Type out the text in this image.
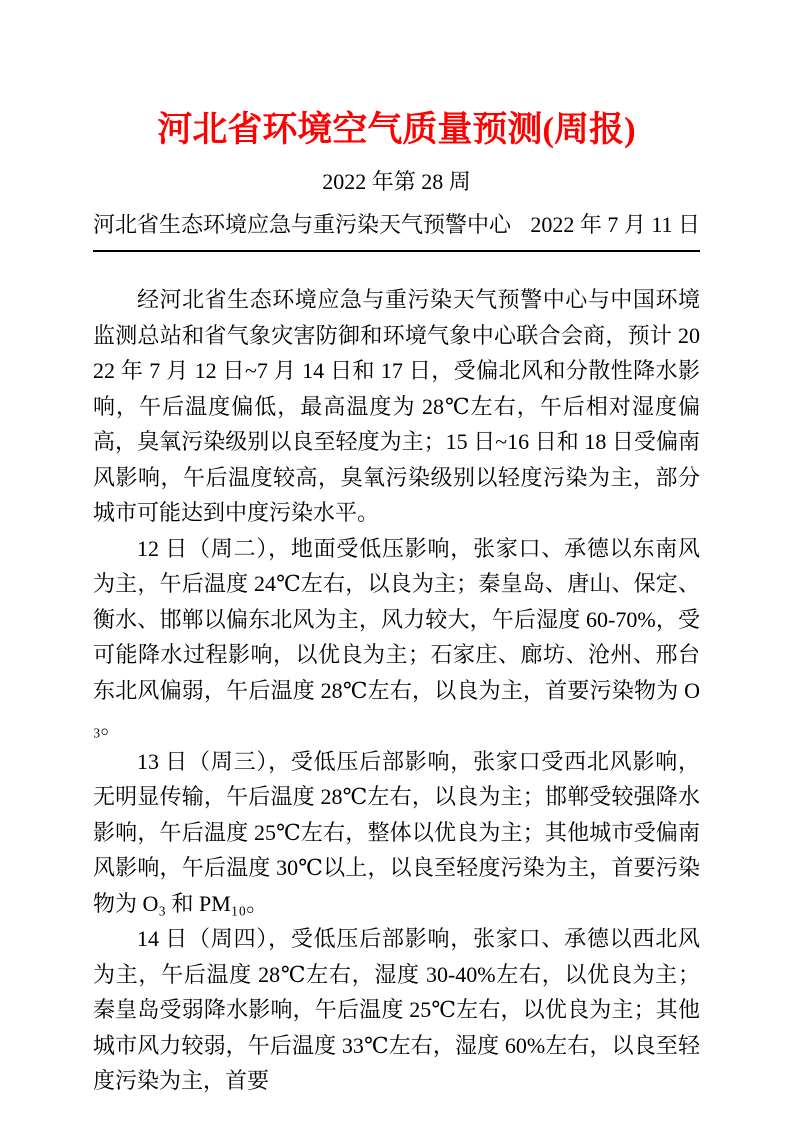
河北省环境空气质量预测(周报)
2022 年第 28 周
河北省生态环境应急与重污染天气预警中心 2022 年 7 月 11 日

经河北省生态环境应急与重污染天气预警中心与中国环境监测总站和省气象灾害防御和环境气象中心联合会商，预计 2022 年 7 月 12 日~7 月 14 日和 17 日，受偏北风和分散性降水影响，午后温度偏低，最高温度为 28℃左右，午后相对湿度偏高，臭氧污染级别以良至轻度为主；15 日~16 日和 18 日受偏南风影响，午后温度较高，臭氧污染级别以轻度污染为主，部分城市可能达到中度污染水平。

12 日（周二），地面受低压影响，张家口、承德以东南风为主，午后温度 24℃左右，以良为主；秦皇岛、唐山、保定、衡水、邯郸以偏东北风为主，风力较大，午后湿度 60-70%，受可能降水过程影响，以优良为主；石家庄、廊坊、沧州、邢台东北风偏弱，午后温度 28℃左右，以良为主，首要污染物为 O₃。

13 日（周三），受低压后部影响，张家口受西北风影响，无明显传输，午后温度 28℃左右，以良为主；邯郸受较强降水影响，午后温度 25℃左右，整体以优良为主；其他城市受偏南风影响，午后温度 30℃以上，以良至轻度污染为主，首要污染物为 O₃ 和 PM₁₀。

14 日（周四），受低压后部影响，张家口、承德以西北风为主，午后温度 28℃左右，湿度 30-40%左右，以优良为主；秦皇岛受弱降水影响，午后温度 25℃左右，以优良为主；其他城市风力较弱，午后温度 33℃左右，湿度 60%左右，以良至轻度污染为主，首要
